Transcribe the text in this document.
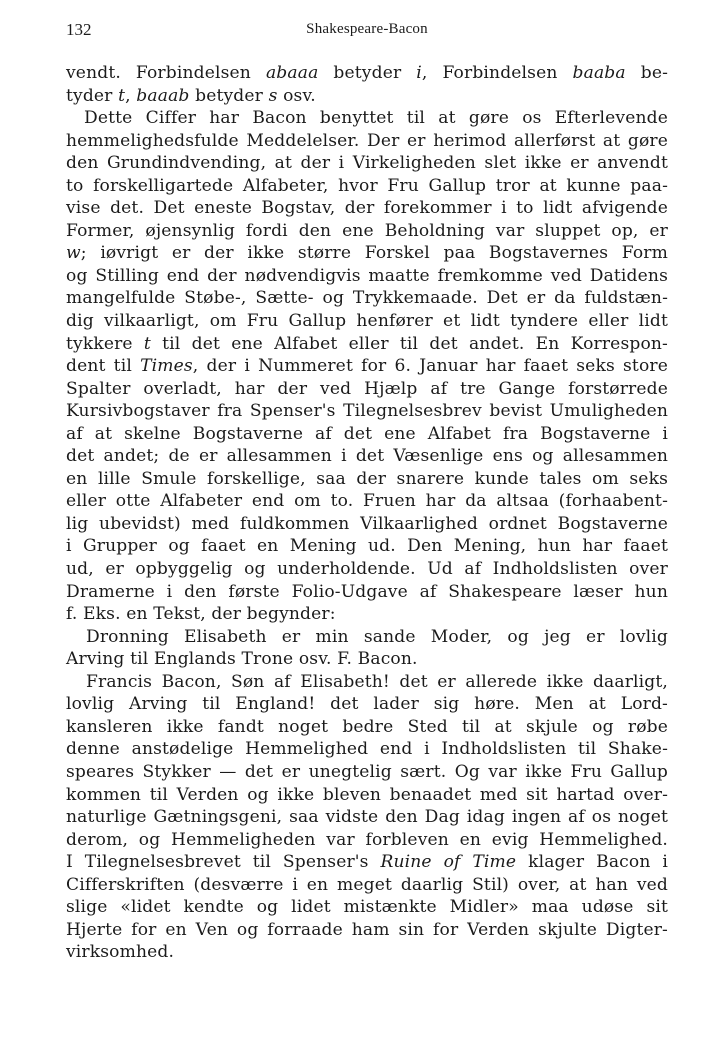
132	Shakespeare-Bacon
vendt. Forbindelsen abaaa betyder i, Forbindelsen baaba be-
tyder t, baaab betyder s osv.
Dette Ciffer har Bacon benyttet til at gøre os Efterlevende
hemmelighedsfulde Meddelelser. Der er herimod allerførst at gøre
den Grundindvending, at der i Virkeligheden slet ikke er anvendt
to forskelligartede Alfabeter, hvor Fru Gallup tror at kunne paa-
vise det. Det eneste Bogstav, der forekommer i to lidt afvigende
Former, øjensynlig fordi den ene Beholdning var sluppet op, er
w; iøvrigt er der ikke større Forskel paa Bogstavernes Form
og Stilling end der nødvendigvis maatte fremkomme ved Datidens
mangelfulde Støbe-, Sætte- og Trykkemaade. Det er da fuldstæn-
dig vilkaarligt, om Fru Gallup henfører et lidt tyndere eller lidt
tykkere t til det ene Alfabet eller til det andet. En Korrespon-
dent til Times, der i Nummeret for 6. Januar har faaet seks store
Spalter overladt, har der ved Hjælp af tre Gange forstørrede
Kursivbogstaver fra Spenser's Tilegnelsesbrev bevist Umuligheden
af at skelne Bogstaverne af det ene Alfabet fra Bogstaverne i
det andet; de er allesammen i det Væsenlige ens og allesammen
en lille Smule forskellige, saa der snarere kunde tales om seks
eller otte Alfabeter end om to. Fruen har da altsaa (forhaabent-
lig ubevidst) med fuldkommen Vilkaarlighed ordnet Bogstaverne
i Grupper og faaet en Mening ud. Den Mening, hun har faaet
ud, er opbyggelig og underholdende. Ud af Indholdslisten over
Dramerne i den første Folio-Udgave af Shakespeare læser hun
f. Eks. en Tekst, der begynder:
Dronning Elisabeth er min sande Moder, og jeg er lovlig
Arving til Englands Trone osv. F. Bacon.
Francis Bacon, Søn af Elisabeth! det er allerede ikke daarligt,
lovlig Arving til England! det lader sig høre. Men at Lord-
kansleren ikke fandt noget bedre Sted til at skjule og røbe
denne anstødelige Hemmelighed end i Indholdslisten til Shake-
speares Stykker — det er unegtelig sært. Og var ikke Fru Gallup
kommen til Verden og ikke bleven benaadet med sit hartad over-
naturlige Gætningsgeni, saa vidste den Dag idag ingen af os noget
derom, og Hemmeligheden var forbleven en evig Hemmelighed.
I Tilegnelsesbrevet til Spenser's Ruine of Time klager Bacon i
Cifferskriften (desværre i en meget daarlig Stil) over, at han ved
slige «lidet kendte og lidet mistænkte Midler» maa udøse sit
Hjerte for en Ven og forraade ham sin for Verden skjulte Digter-
virksomhed.
